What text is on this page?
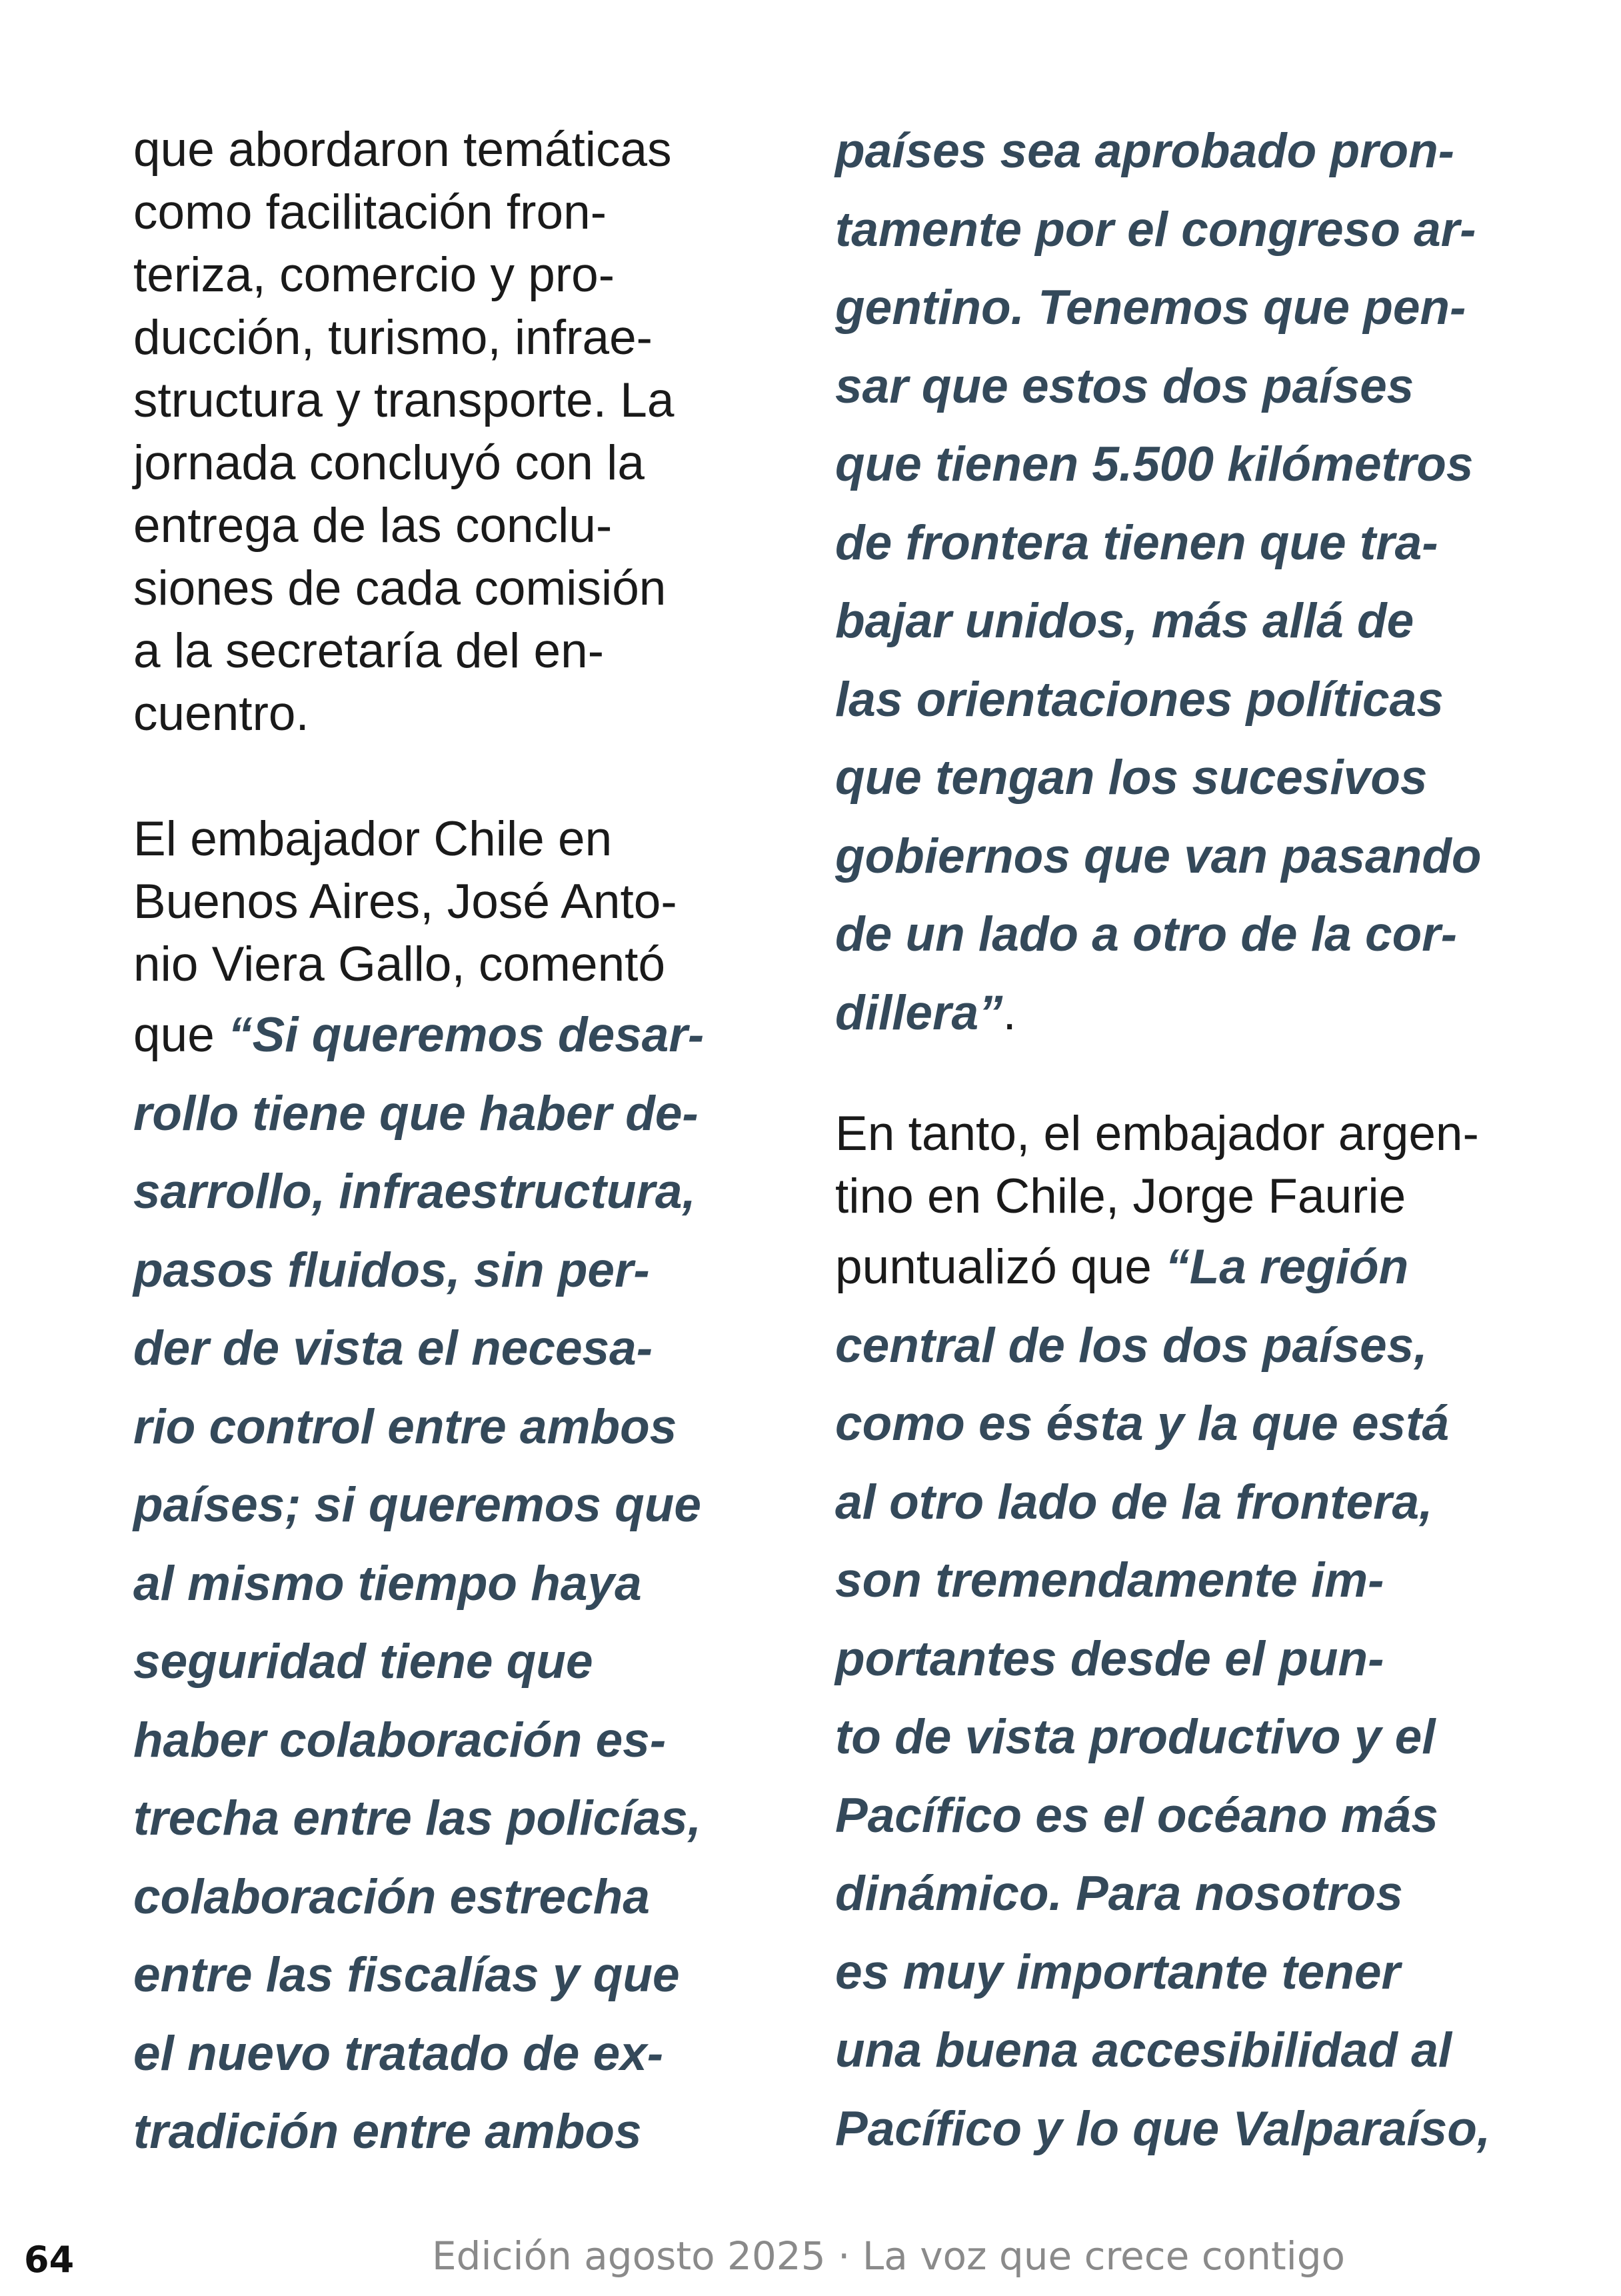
que abordaron temáticas
como facilitación fron-
teriza, comercio y pro-
ducción, turismo, infrae-
structura y transporte. La
jornada concluyó con la
entrega de las conclu-
siones de cada comisión
a la secretaría del en-
cuentro.
El embajador Chile en
Buenos Aires, José Anto-
nio Viera Gallo, comentó
que “Si queremos desar-
rollo tiene que haber de-
sarrollo, infraestructura,
pasos fluidos, sin per-
der de vista el necesa-
rio control entre ambos
países; si queremos que
al mismo tiempo haya
seguridad tiene que
haber colaboración es-
trecha entre las policías,
colaboración estrecha
entre las fiscalías y que
el nuevo tratado de ex-
tradición entre ambos
países sea aprobado pron-
tamente por el congreso ar-
gentino. Tenemos que pen-
sar que estos dos países
que tienen 5.500 kilómetros
de frontera tienen que tra-
bajar unidos, más allá de
las orientaciones políticas
que tengan los sucesivos
gobiernos que van pasando
de un lado a otro de la cor-
dillera”.
En tanto, el embajador argen-
tino en Chile, Jorge Faurie
puntualizó que “La región
central de los dos países,
como es ésta y la que está
al otro lado de la frontera,
son tremendamente im-
portantes desde el pun-
to de vista productivo y el
Pacífico es el océano más
dinámico. Para nosotros
es muy importante tener
una buena accesibilidad al
Pacífico y lo que Valparaíso,
64	Edición agosto 2025 · La voz que crece contigo
